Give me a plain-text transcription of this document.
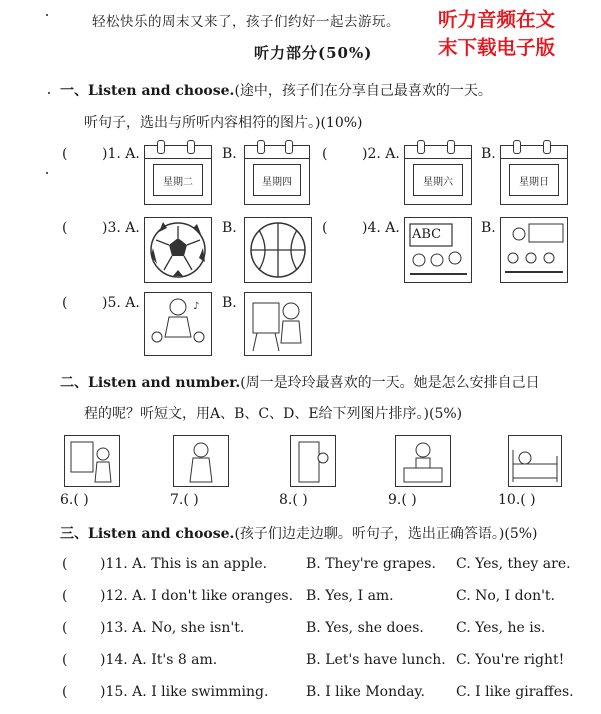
轻松快乐的周末又来了，孩子们约好一起去游玩。 听力音频在文
末下载电子版
听力部分(50%)
一、Listen and choose.(途中，孩子们在分享自己最喜欢的一天。
听句子，选出与所听内容相符的图片。)(10%)
( )1. A.
星期二
B.
星期四
( )2. A.
星期六
B.
星期日
( )3. A.	B.	( )4. A. ABC	B.
( )5. A.	♪ B.
二、Listen and number.(周一是玲玲最喜欢的一天。她是怎么安排自己日
程的呢？听短文，用A、B、C、D、E给下列图片排序。)(5%)
6.( )	7.( )	8.( )	9.( )	10.( )
三、Listen and choose.(孩子们边走边聊。听句子，选出正确答语。)(5%)
( )11. A. This is an apple.	B. They're grapes. C. Yes, they are.
( )12. A. I don't like oranges. B. Yes, I am.	C. No, I don't.
( )13. A. No, she isn't.	B. Yes, she does. C. Yes, he is.
( )14. A. It's 8 am.	B. Let's have lunch. C. You're right!
( )15. A. I like swimming.	B. I like Monday. C. I like giraffes.
